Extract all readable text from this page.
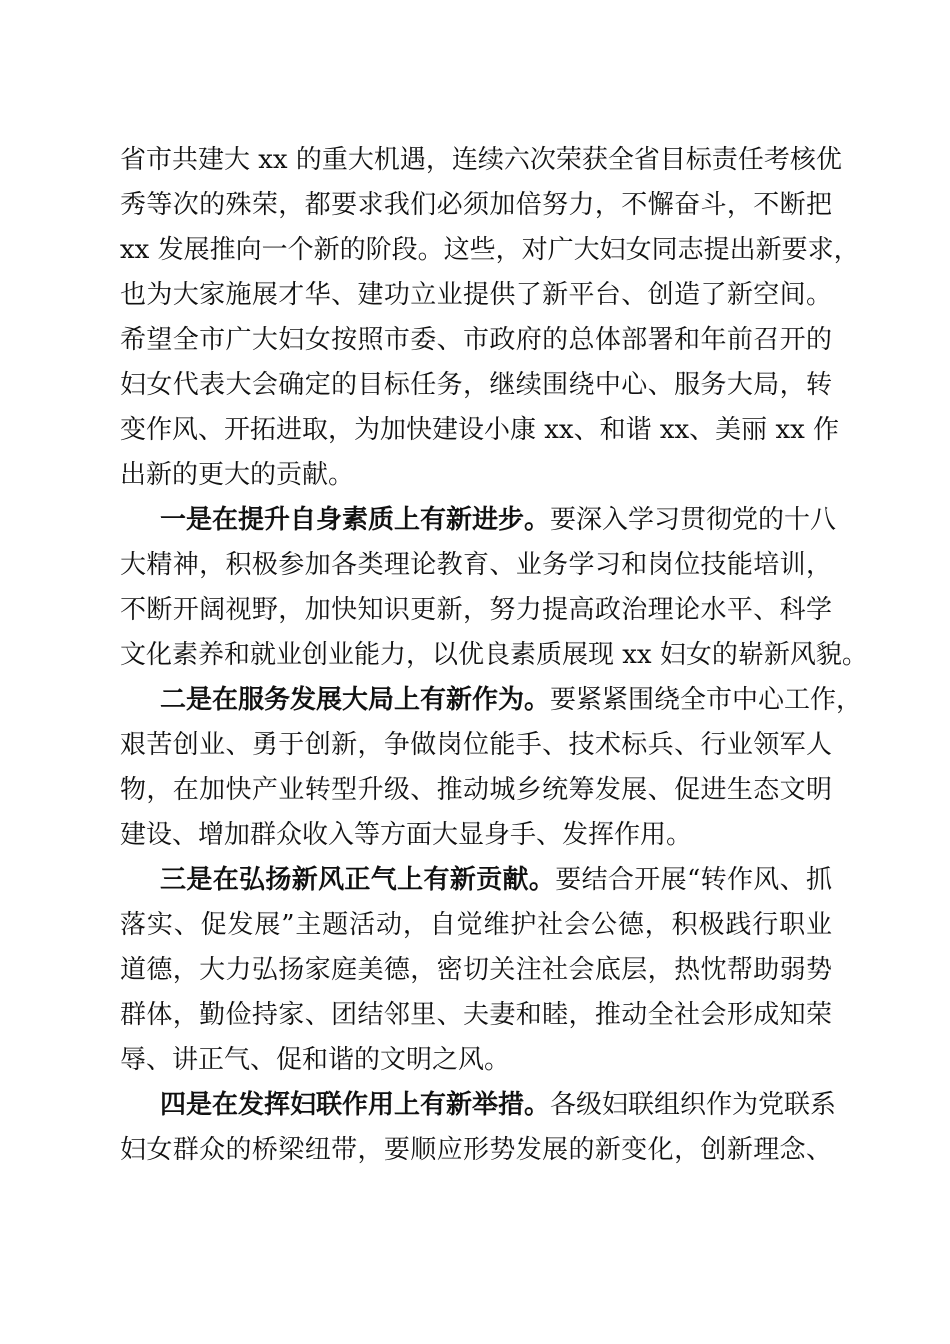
省市共建大 xx 的重大机遇，连续六次荣获全省目标责任考核优
秀等次的殊荣，都要求我们必须加倍努力，不懈奋斗，不断把
xx 发展推向一个新的阶段。这些，对广大妇女同志提出新要求，
也为大家施展才华、建功立业提供了新平台、创造了新空间。
希望全市广大妇女按照市委、市政府的总体部署和年前召开的
妇女代表大会确定的目标任务，继续围绕中心、服务大局，转
变作风、开拓进取，为加快建设小康 xx、和谐 xx、美丽 xx 作
出新的更大的贡献。
一是在提升自身素质上有新进步。要深入学习贯彻党的十八
大精神，积极参加各类理论教育、业务学习和岗位技能培训，
不断开阔视野，加快知识更新，努力提高政治理论水平、科学
文化素养和就业创业能力，以优良素质展现 xx 妇女的崭新风貌。
二是在服务发展大局上有新作为。要紧紧围绕全市中心工作，
艰苦创业、勇于创新，争做岗位能手、技术标兵、行业领军人
物，在加快产业转型升级、推动城乡统筹发展、促进生态文明
建设、增加群众收入等方面大显身手、发挥作用。
三是在弘扬新风正气上有新贡献。要结合开展“转作风、抓
落实、促发展”主题活动，自觉维护社会公德，积极践行职业
道德，大力弘扬家庭美德，密切关注社会底层，热忱帮助弱势
群体，勤俭持家、团结邻里、夫妻和睦，推动全社会形成知荣
辱、讲正气、促和谐的文明之风。
四是在发挥妇联作用上有新举措。各级妇联组织作为党联系
妇女群众的桥梁纽带，要顺应形势发展的新变化，创新理念、
